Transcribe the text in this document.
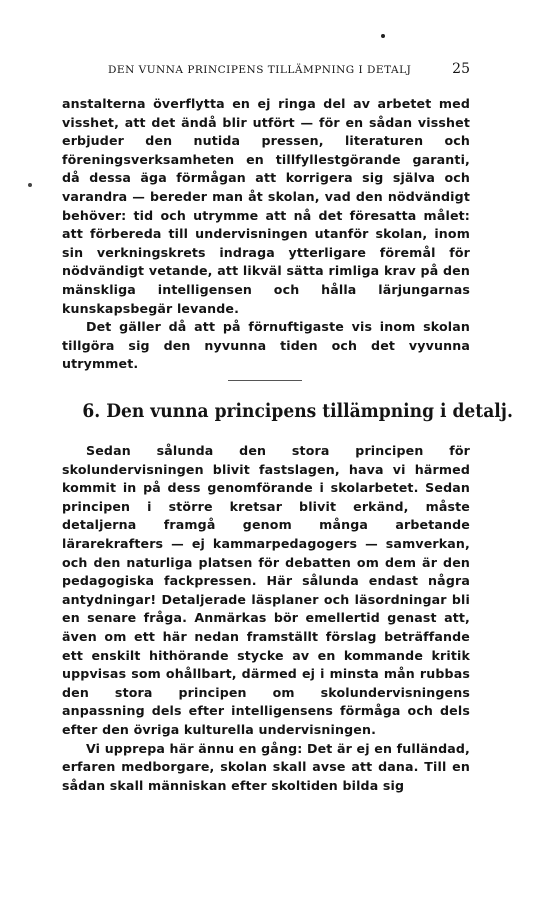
DEN VUNNA PRINCIPENS TILLÄMPNING I DETALJ	25

anstalterna överflytta en ej ringa del av arbetet med visshet, att det ändå blir utfört — för en sådan visshet erbjuder den nutida pressen, literaturen och föreningsverksamheten en tillfyllestgörande garanti, då dessa äga förmågan att korrigera sig själva och varandra — bereder man åt skolan, vad den nödvändigt behöver: tid och utrymme att nå det föresatta målet: att förbereda till undervisningen utanför skolan, inom sin verkningskrets indraga ytterligare föremål för nödvändigt vetande, att likväl sätta rimliga krav på den mänskliga intelligensen och hålla lärjungarnas kunskapsbegär levande.

Det gäller då att på förnuftigaste vis inom skolan tillgöra sig den nyvunna tiden och det vyvunna utrymmet.

6. Den vunna principens tillämpning i detalj.

Sedan sålunda den stora principen för skolundervisningen blivit fastslagen, hava vi härmed kommit in på dess genomförande i skolarbetet. Sedan principen i större kretsar blivit erkänd, måste detaljerna framgå genom många arbetande lärarekrafters — ej kammarpedagogers — samverkan, och den naturliga platsen för debatten om dem är den pedagogiska fackpressen. Här sålunda endast några antydningar! Detaljerade läsplaner och läsordningar bli en senare fråga. Anmärkas bör emellertid genast att, även om ett här nedan framställt förslag beträffande ett enskilt hithörande stycke av en kommande kritik uppvisas som ohållbart, därmed ej i minsta mån rubbas den stora principen om skolundervisningens anpassning dels efter intelligensens förmåga och dels efter den övriga kulturella undervisningen.

Vi upprepa här ännu en gång: Det är ej en fulländad, erfaren medborgare, skolan skall avse att dana. Till en sådan skall människan efter skoltiden bilda sig
